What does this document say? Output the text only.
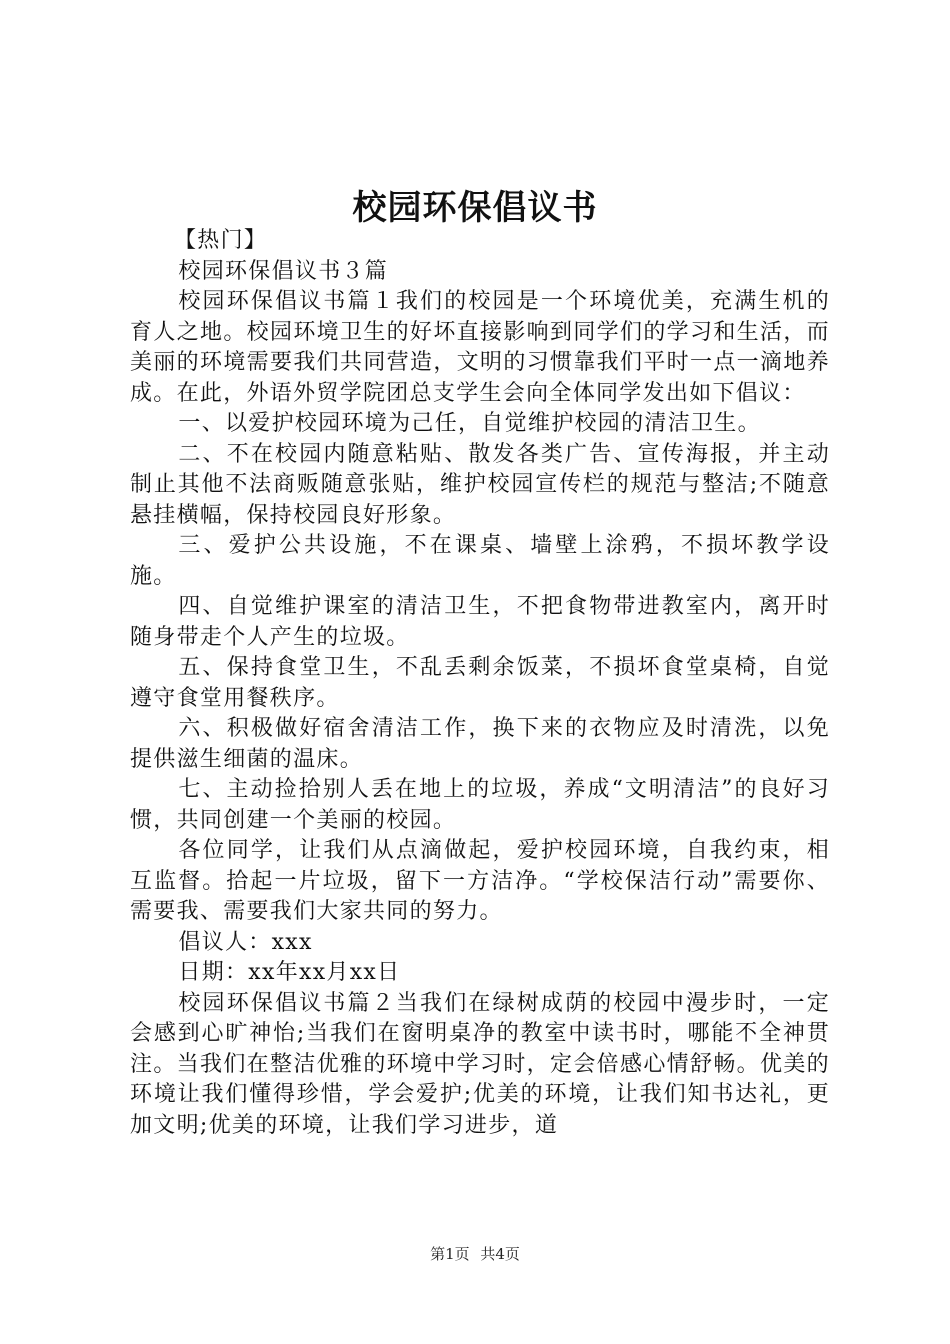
校园环保倡议书

【热门】

校园环保倡议书３篇

校园环保倡议书篇１我们的校园是一个环境优美，充满生机的育人之地。校园环境卫生的好坏直接影响到同学们的学习和生活，而美丽的环境需要我们共同营造，文明的习惯靠我们平时一点一滴地养成。在此，外语外贸学院团总支学生会向全体同学发出如下倡议：

一、以爱护校园环境为己任，自觉维护校园的清洁卫生。

二、不在校园内随意粘贴、散发各类广告、宣传海报，并主动制止其他不法商贩随意张贴，维护校园宣传栏的规范与整洁;不随意悬挂横幅，保持校园良好形象。

三、爱护公共设施，不在课桌、墙壁上涂鸦，不损坏教学设施。

四、自觉维护课室的清洁卫生，不把食物带进教室内，离开时随身带走个人产生的垃圾。

五、保持食堂卫生，不乱丢剩余饭菜，不损坏食堂桌椅，自觉遵守食堂用餐秩序。

六、积极做好宿舍清洁工作，换下来的衣物应及时清洗，以免提供滋生细菌的温床。

七、主动捡拾别人丢在地上的垃圾，养成“文明清洁”的良好习惯，共同创建一个美丽的校园。

各位同学，让我们从点滴做起，爱护校园环境，自我约束，相互监督。拾起一片垃圾，留下一方洁净。“学校保洁行动”需要你、需要我、需要我们大家共同的努力。

倡议人：xxx

日期：xx年xx月xx日

校园环保倡议书篇２当我们在绿树成荫的校园中漫步时，一定会感到心旷神怡;当我们在窗明桌净的教室中读书时，哪能不全神贯注。当我们在整洁优雅的环境中学习时，定会倍感心情舒畅。优美的环境让我们懂得珍惜，学会爱护;优美的环境，让我们知书达礼，更加文明;优美的环境，让我们学习进步，道

第1页 共4页
